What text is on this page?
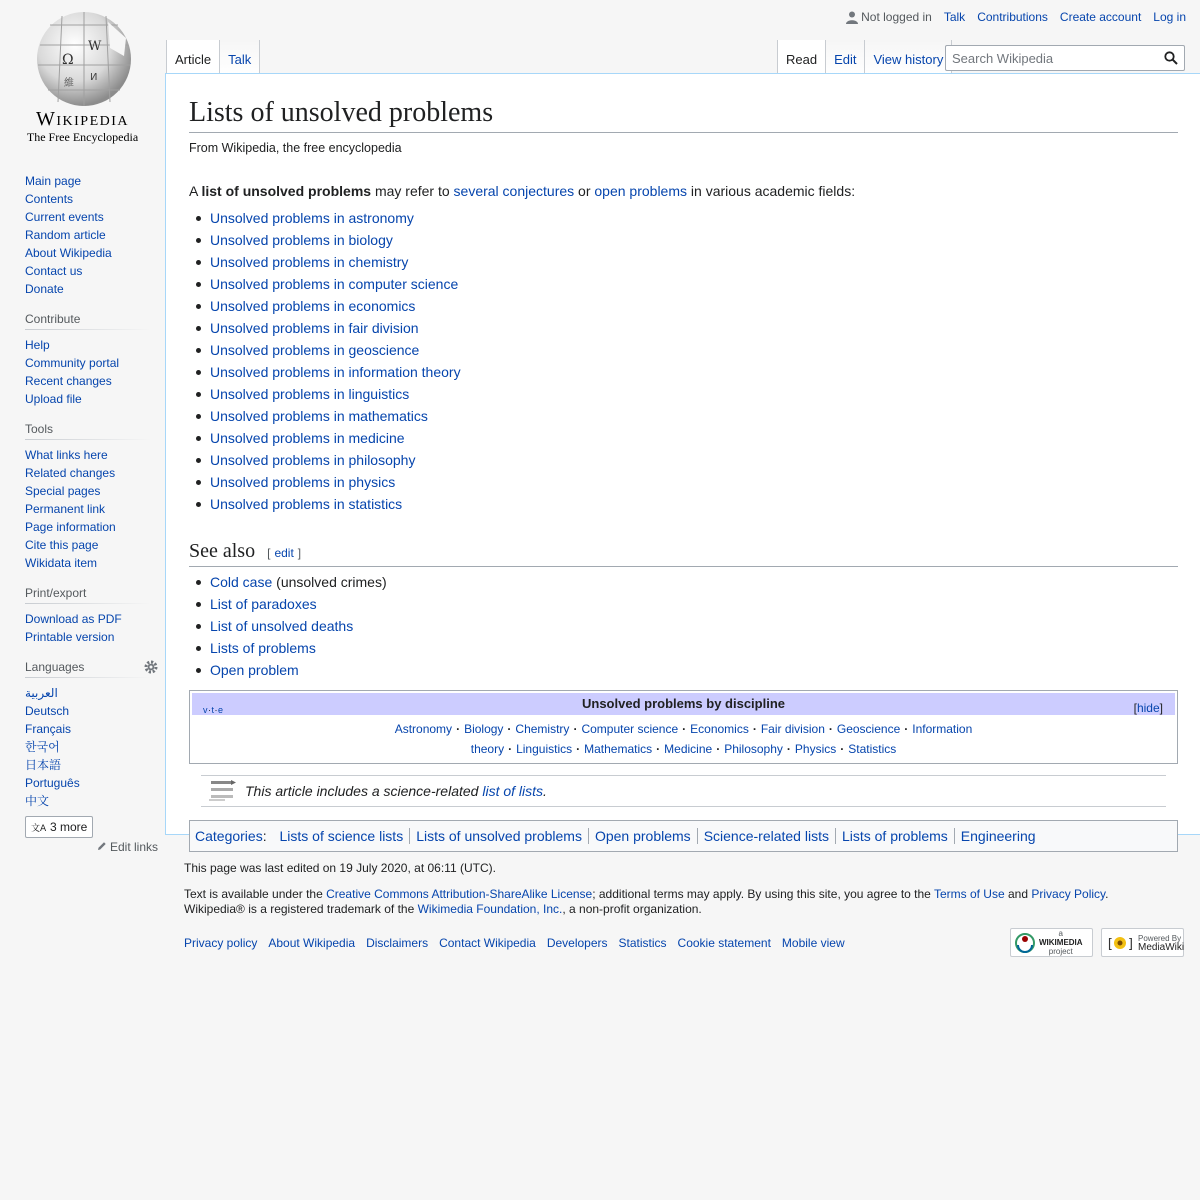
Not logged in Talk Contributions Create account Log in
Ω
W
維
И
Wikipedia
The Free Encyclopedia
Main page
Contents
Current events
Random article
About Wikipedia
Contact us
Donate
Contribute
Help
Community portal
Recent changes
Upload file
Tools
What links here
Related changes
Special pages
Permanent link
Page information
Cite this page
Wikidata item
Print/export
Download as PDF
Printable version
Languages
العربية
Deutsch
Français
한국어
日本語
Português
中文
文A 3 more
Edit links
Article	Talk	Read	Edit	View history
Search Wikipedia
Lists of unsolved problems
From Wikipedia, the free encyclopedia

A list of unsolved problems may refer to several conjectures or open problems in various academic fields:

Unsolved problems in astronomy
Unsolved problems in biology
Unsolved problems in chemistry
Unsolved problems in computer science
Unsolved problems in economics
Unsolved problems in fair division
Unsolved problems in geoscience
Unsolved problems in information theory
Unsolved problems in linguistics
Unsolved problems in mathematics
Unsolved problems in medicine
Unsolved problems in philosophy
Unsolved problems in physics
Unsolved problems in statistics
See also [ edit ]
Cold case (unsolved crimes)
List of paradoxes
List of unsolved deaths
Lists of problems
Open problem
v·t·e	Unsolved problems by discipline	[hide]
Astronomy · Biology · Chemistry · Computer science · Economics · Fair division · Geoscience · Information theory · Linguistics · Mathematics · Medicine · Philosophy · Physics · Statistics
This article includes a science-related
list of lists .
Categories: Lists of science lists Lists of unsolved problems Open problems Science-related lists Lists of problems Engineering
This page was last edited on 19 July 2020, at 06:11 (UTC).
Text is available under the Creative Commons Attribution-ShareAlike License; additional terms may apply. By using this site, you agree to the Terms of Use and Privacy Policy. Wikipedia® is a registered trademark of the Wikimedia Foundation, Inc., a non-profit organization.
Privacy policy About Wikipedia Disclaimers Contact Wikipedia Developers Statistics Cookie statement Mobile view
a
WIKIMEDIA
project	[ ] Powered By
MediaWiki
